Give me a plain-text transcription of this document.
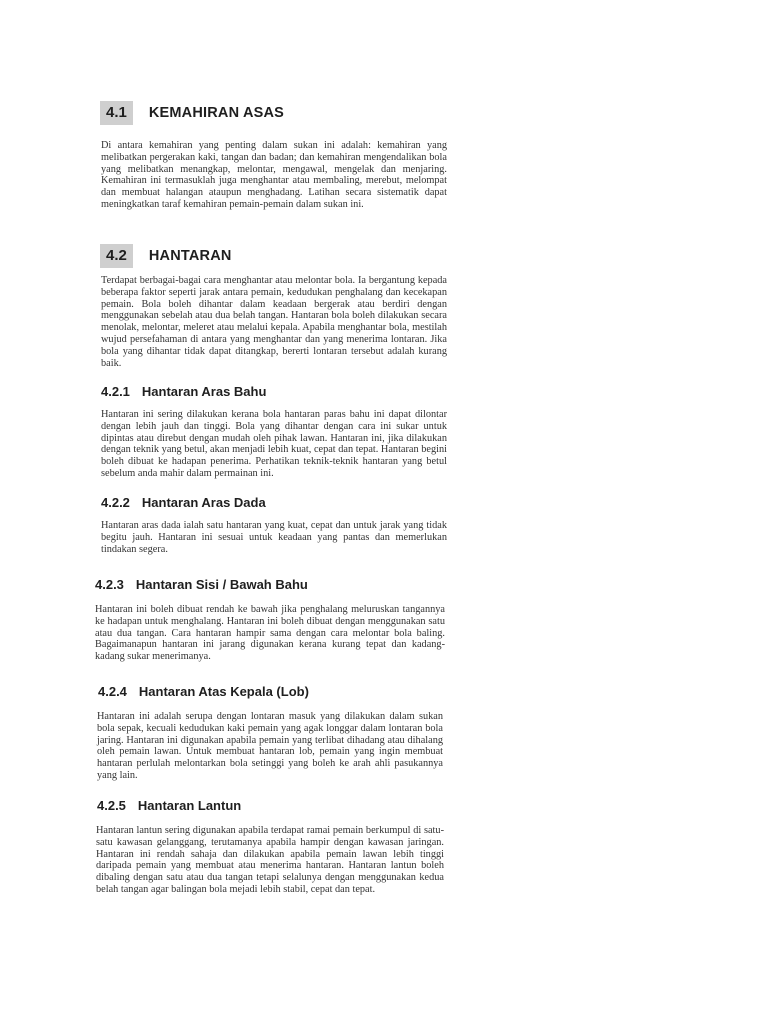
4.1	KEMAHIRAN ASAS

Di antara kemahiran yang penting dalam sukan ini adalah: kemahiran yang melibatkan pergerakan kaki, tangan dan badan; dan kemahiran mengendalikan bola yang melibatkan menangkap, melontar, mengawal, mengelak dan menjaring. Kemahiran ini termasuklah juga menghantar atau membaling, merebut, melompat dan membuat halangan ataupun menghadang. Latihan secara sistematik dapat meningkatkan taraf kemahiran pemain-pemain dalam sukan ini.

4.2	HANTARAN

Terdapat berbagai-bagai cara menghantar atau melontar bola. Ia bergantung kepada beberapa faktor seperti jarak antara pemain, kedudukan penghalang dan kecekapan pemain. Bola boleh dihantar dalam keadaan bergerak atau berdiri dengan menggunakan sebelah atau dua belah tangan. Hantaran bola boleh dilakukan secara menolak, melontar, meleret atau melalui kepala. Apabila menghantar bola, mestilah wujud persefahaman di antara yang menghantar dan yang menerima lontaran. Jika bola yang dihantar tidak dapat ditangkap, bererti lontaran tersebut adalah kurang baik.

4.2.1 Hantaran Aras Bahu

Hantaran ini sering dilakukan kerana bola hantaran paras bahu ini dapat dilontar dengan lebih jauh dan tinggi. Bola yang dihantar dengan cara ini sukar untuk dipintas atau direbut dengan mudah oleh pihak lawan. Hantaran ini, jika dilakukan dengan teknik yang betul, akan menjadi lebih kuat, cepat dan tepat. Hantaran begini boleh dibuat ke hadapan penerima. Perhatikan teknik-teknik hantaran yang betul sebelum anda mahir dalam permainan ini.

4.2.2 Hantaran Aras Dada

Hantaran aras dada ialah satu hantaran yang kuat, cepat dan untuk jarak yang tidak begitu jauh. Hantaran ini sesuai untuk keadaan yang pantas dan memerlukan tindakan segera.

4.2.3 Hantaran Sisi / Bawah Bahu

Hantaran ini boleh dibuat rendah ke bawah jika penghalang meluruskan tangannya ke hadapan untuk menghalang. Hantaran ini boleh dibuat dengan menggunakan satu atau dua tangan. Cara hantaran hampir sama dengan cara melontar bola baling. Bagaimanapun hantaran ini jarang digunakan kerana kurang tepat dan kadang-kadang sukar menerimanya.

4.2.4 Hantaran Atas Kepala (Lob)

Hantaran ini adalah serupa dengan lontaran masuk yang dilakukan dalam sukan bola sepak, kecuali kedudukan kaki pemain yang agak longgar dalam lontaran bola jaring. Hantaran ini digunakan apabila pemain yang terlibat dihadang atau dihalang oleh pemain lawan. Untuk membuat hantaran lob, pemain yang ingin membuat hantaran perlulah melontarkan bola setinggi yang boleh ke arah ahli pasukannya yang lain.

4.2.5 Hantaran Lantun

Hantaran lantun sering digunakan apabila terdapat ramai pemain berkumpul di satu-satu kawasan gelanggang, terutamanya apabila hampir dengan kawasan jaringan. Hantaran ini rendah sahaja dan dilakukan apabila pemain lawan lebih tinggi daripada pemain yang membuat atau menerima hantaran. Hantaran lantun boleh dibaling dengan satu atau dua tangan tetapi selalunya dengan menggunakan kedua belah tangan agar balingan bola mejadi lebih stabil, cepat dan tepat.
